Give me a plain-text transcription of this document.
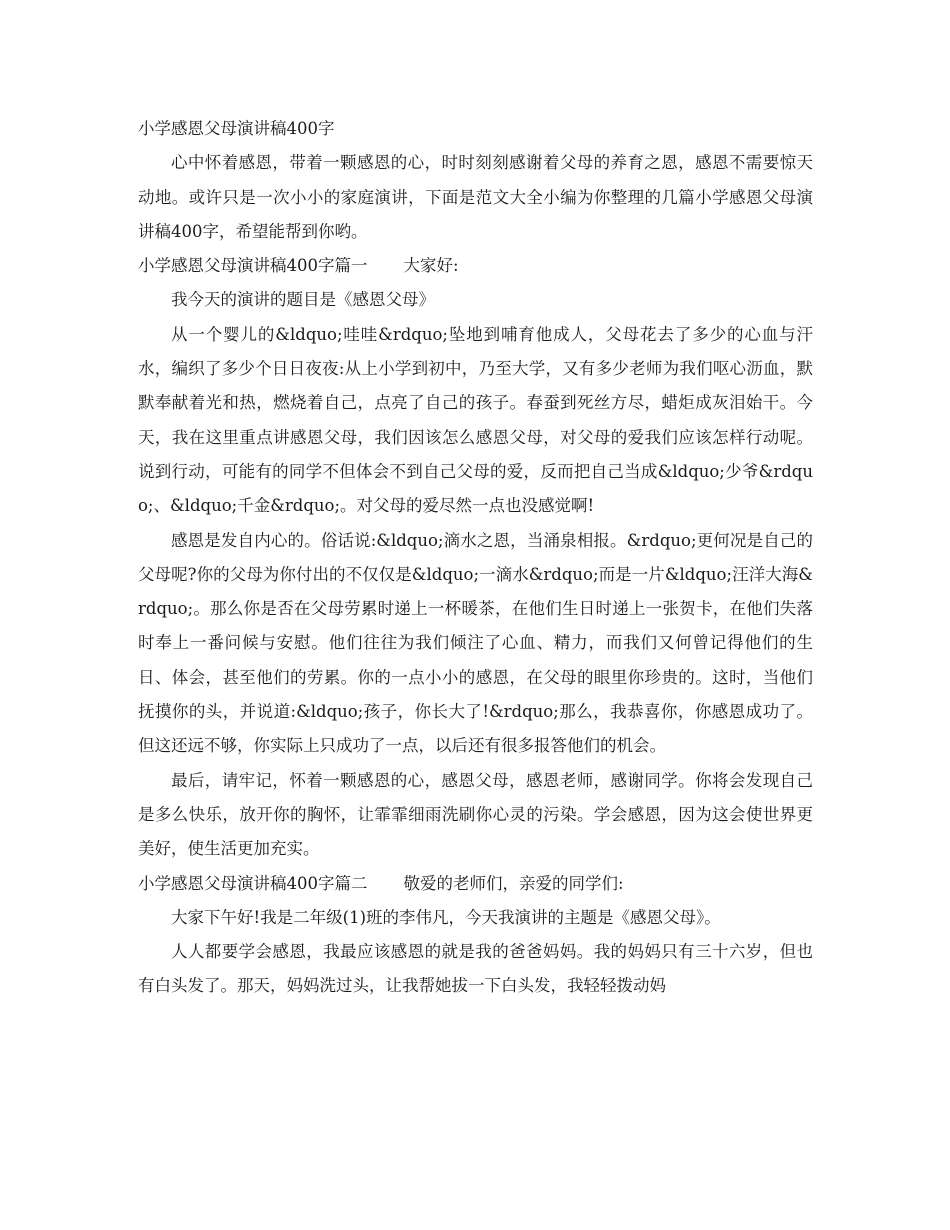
小学感恩父母演讲稿400字

心中怀着感恩，带着一颗感恩的心，时时刻刻感谢着父母的养育之恩，感恩不需要惊天动地。或许只是一次小小的家庭演讲，下面是范文大全小编为你整理的几篇小学感恩父母演讲稿400字，希望能帮到你哟。

小学感恩父母演讲稿400字篇一 大家好:

我今天的演讲的题目是《感恩父母》

从一个婴儿的&ldquo;哇哇&rdquo;坠地到哺育他成人，父母花去了多少的心血与汗水，编织了多少个日日夜夜:从上小学到初中，乃至大学，又有多少老师为我们呕心沥血，默默奉献着光和热，燃烧着自己，点亮了自己的孩子。春蚕到死丝方尽，蜡炬成灰泪始干。今天，我在这里重点讲感恩父母，我们因该怎么感恩父母，对父母的爱我们应该怎样行动呢。说到行动，可能有的同学不但体会不到自己父母的爱，反而把自己当成&ldquo;少爷&rdquo;、&ldquo;千金&rdquo;。对父母的爱尽然一点也没感觉啊!

感恩是发自内心的。俗话说:&ldquo;滴水之恩，当涌泉相报。&rdquo;更何况是自己的父母呢?你的父母为你付出的不仅仅是&ldquo;一滴水&rdquo;而是一片&ldquo;汪洋大海&rdquo;。那么你是否在父母劳累时递上一杯暖茶，在他们生日时递上一张贺卡，在他们失落时奉上一番问候与安慰。他们往往为我们倾注了心血、精力，而我们又何曾记得他们的生日、体会，甚至他们的劳累。你的一点小小的感恩，在父母的眼里你珍贵的。这时，当他们抚摸你的头，并说道:&ldquo;孩子，你长大了!&rdquo;那么，我恭喜你，你感恩成功了。但这还远不够，你实际上只成功了一点，以后还有很多报答他们的机会。

最后，请牢记，怀着一颗感恩的心，感恩父母，感恩老师，感谢同学。你将会发现自己是多么快乐，放开你的胸怀，让霏霏细雨洗刷你心灵的污染。学会感恩，因为这会使世界更美好，使生活更加充实。

小学感恩父母演讲稿400字篇二 敬爱的老师们，亲爱的同学们:

大家下午好!我是二年级(1)班的李伟凡，今天我演讲的主题是《感恩父母》。

人人都要学会感恩，我最应该感恩的就是我的爸爸妈妈。我的妈妈只有三十六岁，但也有白头发了。那天，妈妈洗过头，让我帮她拔一下白头发，我轻轻拨动妈
